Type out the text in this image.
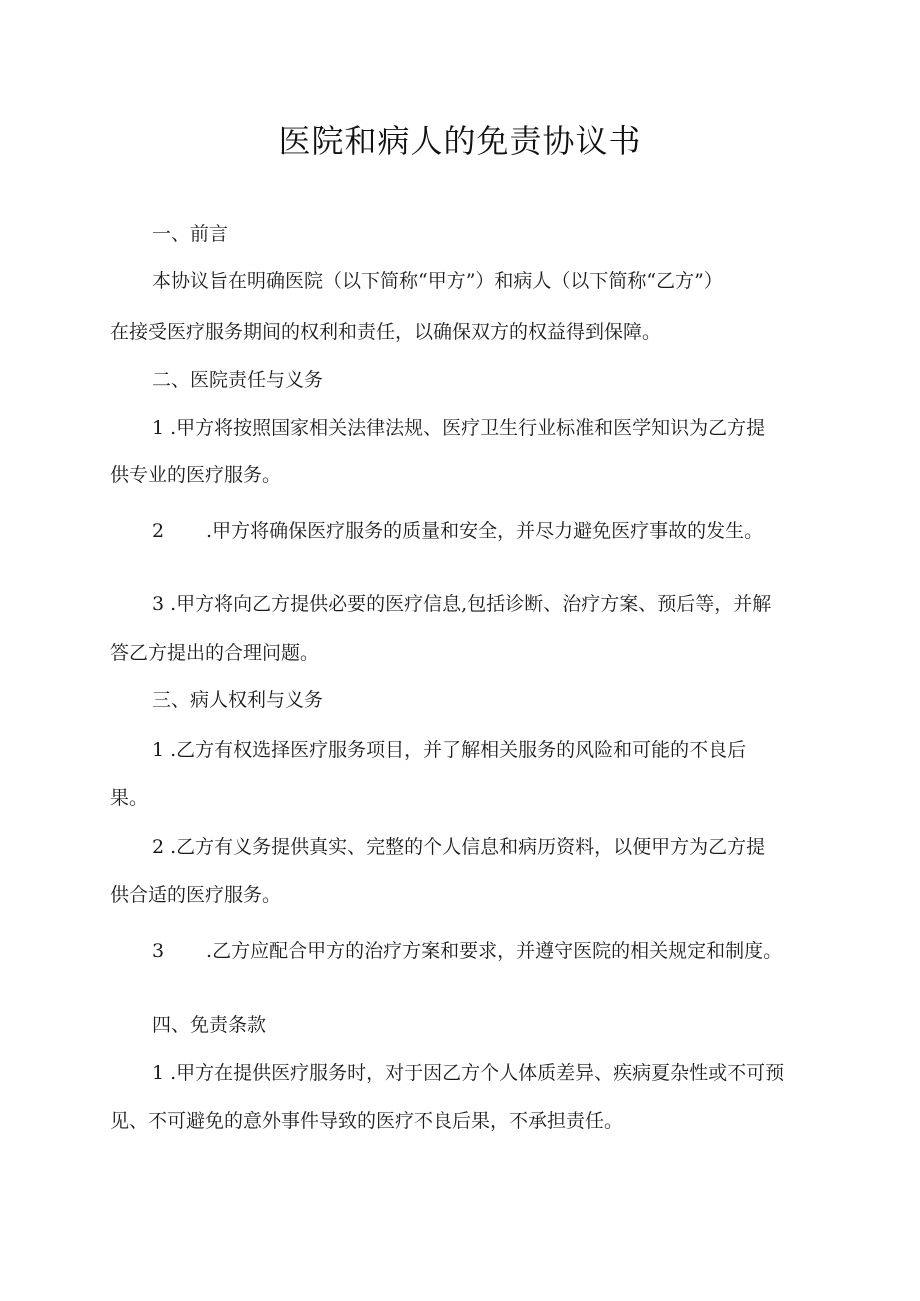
医院和病人的免责协议书
一、前言
本协议旨在明确医院（以下简称“甲方”）和病人（以下简称“乙方”）
在接受医疗服务期间的权利和责任，以确保双方的权益得到保障。
二、医院责任与义务
1 .甲方将按照国家相关法律法规、医疗卫生行业标准和医学知识为乙方提
供专业的医疗服务。
2 .甲方将确保医疗服务的质量和安全，并尽力避免医疗事故的发生。
3 .甲方将向乙方提供必要的医疗信息,包括诊断、治疗方案、预后等，并解
答乙方提出的合理问题。
三、病人权利与义务
1 .乙方有权选择医疗服务项目，并了解相关服务的风险和可能的不良后
果。
2 .乙方有义务提供真实、完整的个人信息和病历资料，以便甲方为乙方提
供合适的医疗服务。
3 .乙方应配合甲方的治疗方案和要求，并遵守医院的相关规定和制度。
四、免责条款
1 .甲方在提供医疗服务时，对于因乙方个人体质差异、疾病夏杂性或不可预
见、不可避免的意外事件导致的医疗不良后果，不承担责任。
